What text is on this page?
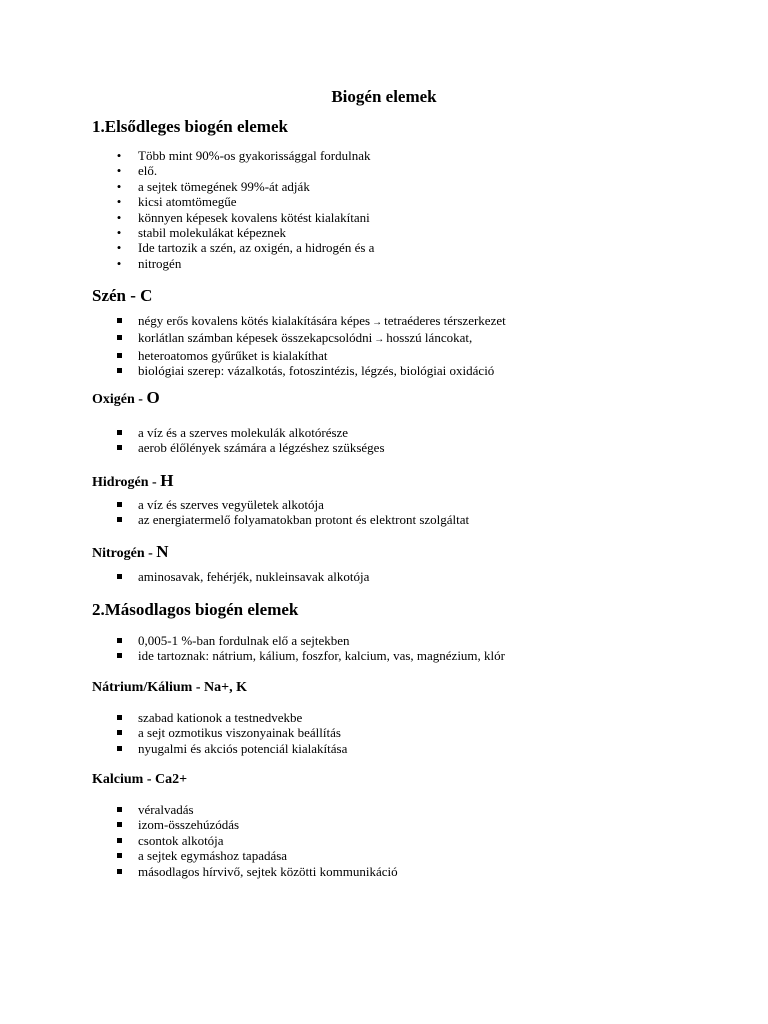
Biogén elemek
1.Elsődleges biogén elemek
•
Több mint 90%-os gyakorissággal fordulnak
•
elő.
•
a sejtek tömegének 99%-át adják
•
kicsi atomtömegűe
•
könnyen képesek kovalens kötést kialakítani
•
stabil molekulákat képeznek
•
Ide tartozik a szén, az oxigén, a hidrogén és a
•
nitrogén
Szén - C
négy erős kovalens kötés kialakítására képes → tetraéderes térszerkezet
korlátlan számban képesek összekapcsolódni → hosszú láncokat,
heteroatomos gyűrűket is kialakíthat
biológiai szerep: vázalkotás, fotoszintézis, légzés, biológiai oxidáció
Oxigén - O
a víz és a szerves molekulák alkotórésze
aerob élőlények számára a légzéshez szükséges
Hidrogén - H
a víz és szerves vegyületek alkotója
az energiatermelő folyamatokban protont és elektront szolgáltat
Nitrogén - N
aminosavak, fehérjék, nukleinsavak alkotója
2.Másodlagos biogén elemek
0,005-1 %-ban fordulnak elő a sejtekben
ide tartoznak: nátrium, kálium, foszfor, kalcium, vas, magnézium, klór
Nátrium/Kálium - Na+, K
szabad kationok a testnedvekbe
a sejt ozmotikus viszonyainak beállítás
nyugalmi és akciós potenciál kialakítása
Kalcium - Ca2+
véralvadás
izom-összehúzódás
csontok alkotója
a sejtek egymáshoz tapadása
másodlagos hírvivő, sejtek közötti kommunikáció
